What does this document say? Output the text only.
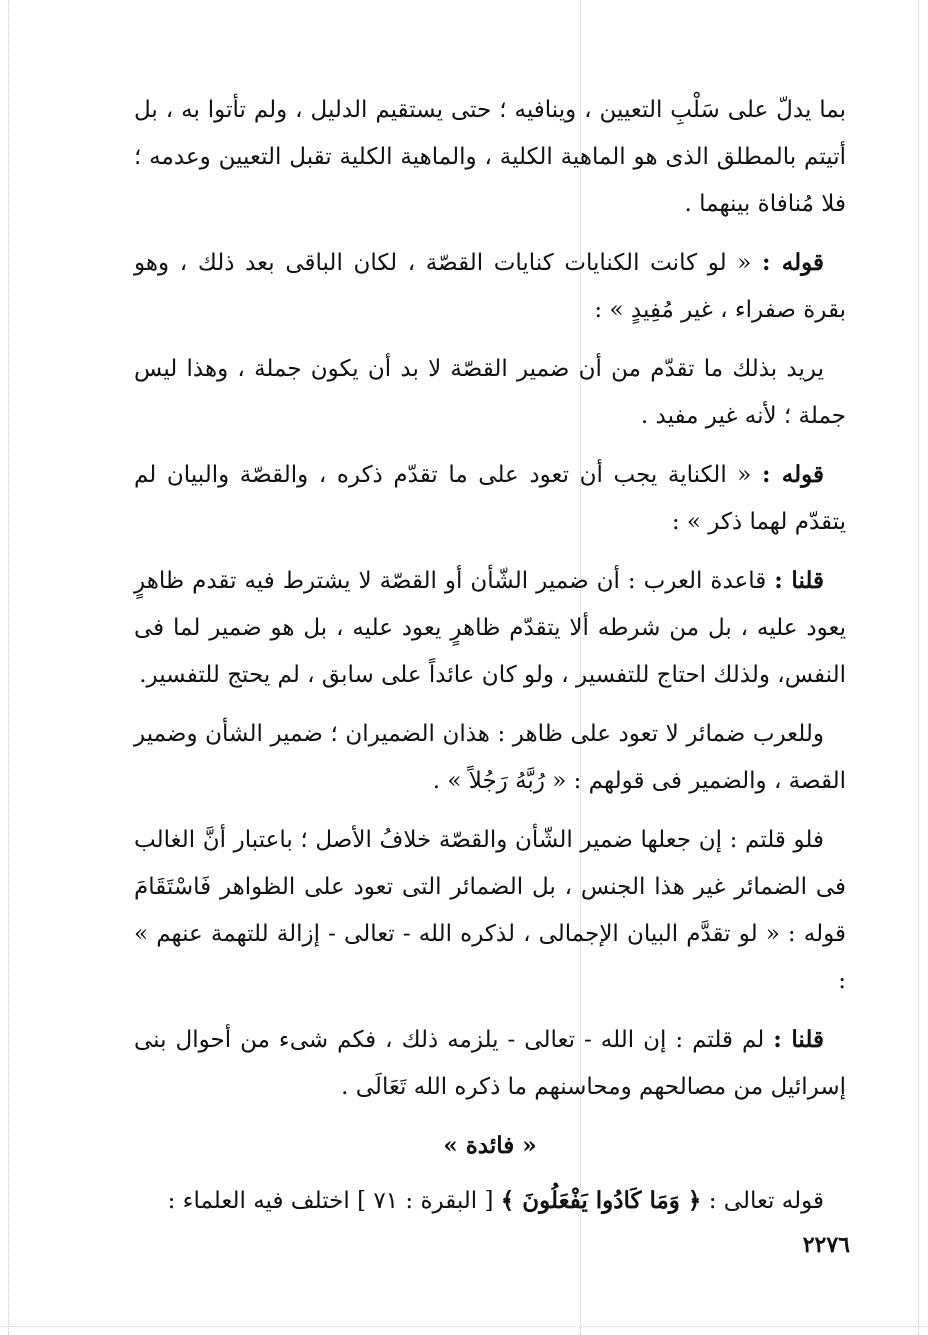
بما يدلّ على سَلْبِ التعيين ، وينافيه ؛ حتى يستقيم الدليل ، ولم تأتوا به ، بل أتيتم بالمطلق الذى هو الماهية الكلية ، والماهية الكلية تقبل التعيين وعدمه ؛ فلا مُنافاة بينهما .

قوله : « لو كانت الكنايات كنايات القصّة ، لكان الباقى بعد ذلك ، وهو بقرة صفراء ، غير مُفِيدٍ » :

يريد بذلك ما تقدّم من أن ضمير القصّة لا بد أن يكون جملة ، وهذا ليس جملة ؛ لأنه غير مفيد .

قوله : « الكناية يجب أن تعود على ما تقدّم ذكره ، والقصّة والبيان لم يتقدّم لهما ذكر » :

قلنا : قاعدة العرب : أن ضمير الشّأن أو القصّة لا يشترط فيه تقدم ظاهرٍ يعود عليه ، بل من شرطه ألا يتقدّم ظاهرٍ يعود عليه ، بل هو ضمير لما فى النفس، ولذلك احتاج للتفسير ، ولو كان عائداً على سابق ، لم يحتج للتفسير.

وللعرب ضمائر لا تعود على ظاهر : هذان الضميران ؛ ضمير الشأن وضمير القصة ، والضمير فى قولهم : « رُبَّهُ رَجُلاً » .

فلو قلتم : إن جعلها ضمير الشّأن والقصّة خلافُ الأصل ؛ باعتبار أنَّ الغالب فى الضمائر غير هذا الجنس ، بل الضمائر التى تعود على الظواهر فَاسْتَقَامَ قوله : « لو تقدَّم البيان الإجمالى ، لذكره الله - تعالى - إزالة للتهمة عنهم » :

قلنا : لم قلتم : إن الله - تعالى - يلزمه ذلك ، فكم شىء من أحوال بنى إسرائيل من مصالحهم ومحاسنهم ما ذكره الله تَعَالَى .

« فائدة »

قوله تعالى : ﴿ وَمَا كَادُوا يَفْعَلُونَ ﴾ [ البقرة : ٧١ ] اختلف فيه العلماء :

٢٢٧٦
